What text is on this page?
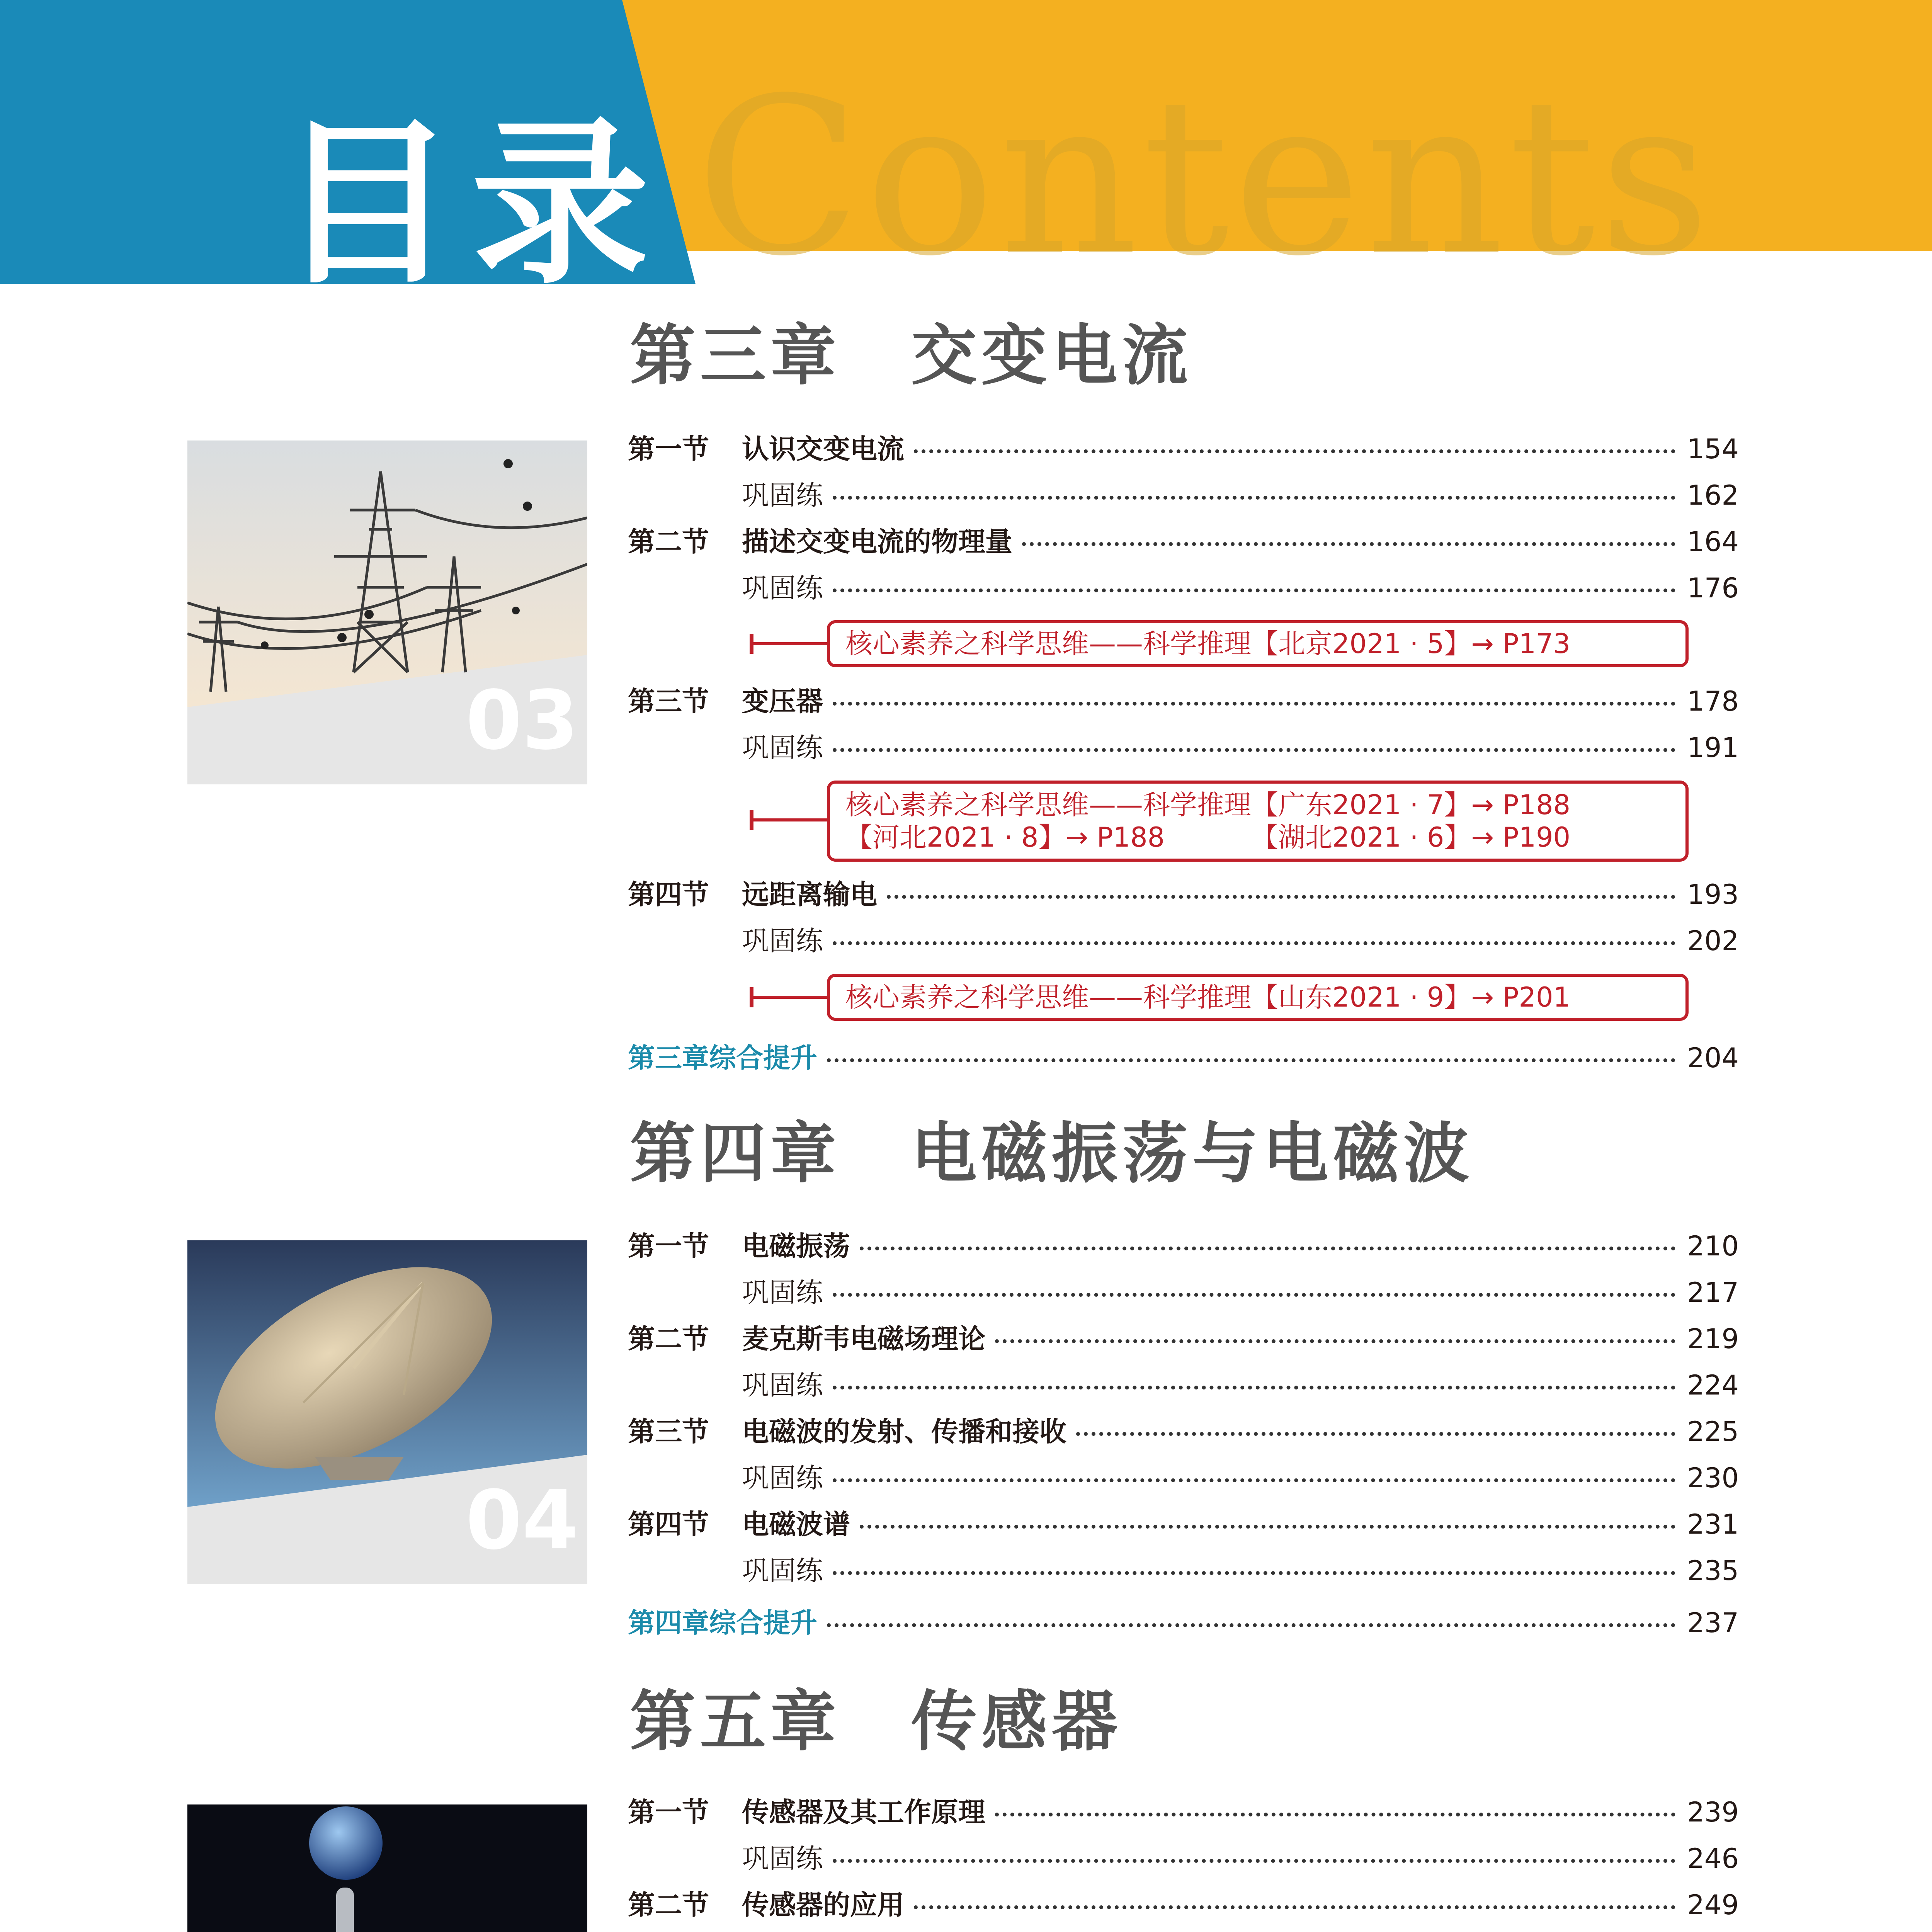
Contents
目录
第三章　交变电流
03
第一节	认识交变电流	154
巩固练	162
第二节	描述交变电流的物理量	164
巩固练	176
核心素养之科学思维——科学推理【北京2021 · 5】→ P173
第三节	变压器	178
巩固练	191
核心素养之科学思维——科学推理【广东2021 · 7】→ P188
【河北2021 · 8】→ P188	【湖北2021 · 6】→ P190
第四节	远距离输电	193
巩固练	202
核心素养之科学思维——科学推理【山东2021 · 9】→ P201
第三章综合提升	204
第四章　电磁振荡与电磁波
04
第一节	电磁振荡	210
巩固练	217
第二节	麦克斯韦电磁场理论	219
巩固练	224
第三节	电磁波的发射、传播和接收	225
巩固练	230
第四节	电磁波谱	231
巩固练	235
第四章综合提升	237
第五章　传感器
第一节	传感器及其工作原理	239
巩固练	246
第二节	传感器的应用	249
